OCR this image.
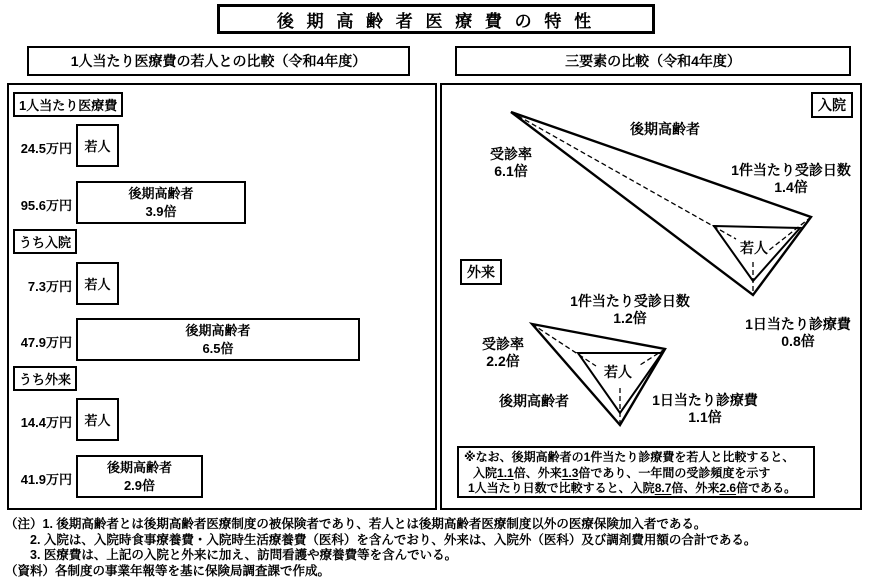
後 期 高 齢 者 医 療 費 の 特 性
1人当たり医療費の若人との比較（令和4年度）	三要素の比較（令和4年度）
1人当たり医療費
24.5万円 若人
95.6万円
後期高齢者
3.9倍
うち入院
7.3万円 若人
47.9万円
後期高齢者
6.5倍
うち外来
14.4万円 若人
41.9万円
後期高齢者
2.9倍
入院
後期高齢者
受診率
6.1倍	1件当たり受診日数
1.4倍
若人
1日当たり診療費
0.8倍
外来
1件当たり受診日数
1.2倍
受診率
2.2倍
若人
後期高齢者	1日当たり診療費
1.1倍
※なお、後期高齢者の1件当たり診療費を若人と比較すると、
入院1.1倍、外来1.3倍であり、一年間の受診頻度を示す
1人当たり日数で比較すると、入院8.7倍、外来2.6倍である。
（注）1. 後期高齢者とは後期高齢者医療制度の被保険者であり、若人とは後期高齢者医療制度以外の医療保険加入者である。
2. 入院は、入院時食事療養費・入院時生活療養費（医科）を含んでおり、外来は、入院外（医科）及び調剤費用額の合計である。
3. 医療費は、上記の入院と外来に加え、訪問看護や療養費等を含んでいる。
（資料）各制度の事業年報等を基に保険局調査課で作成。
